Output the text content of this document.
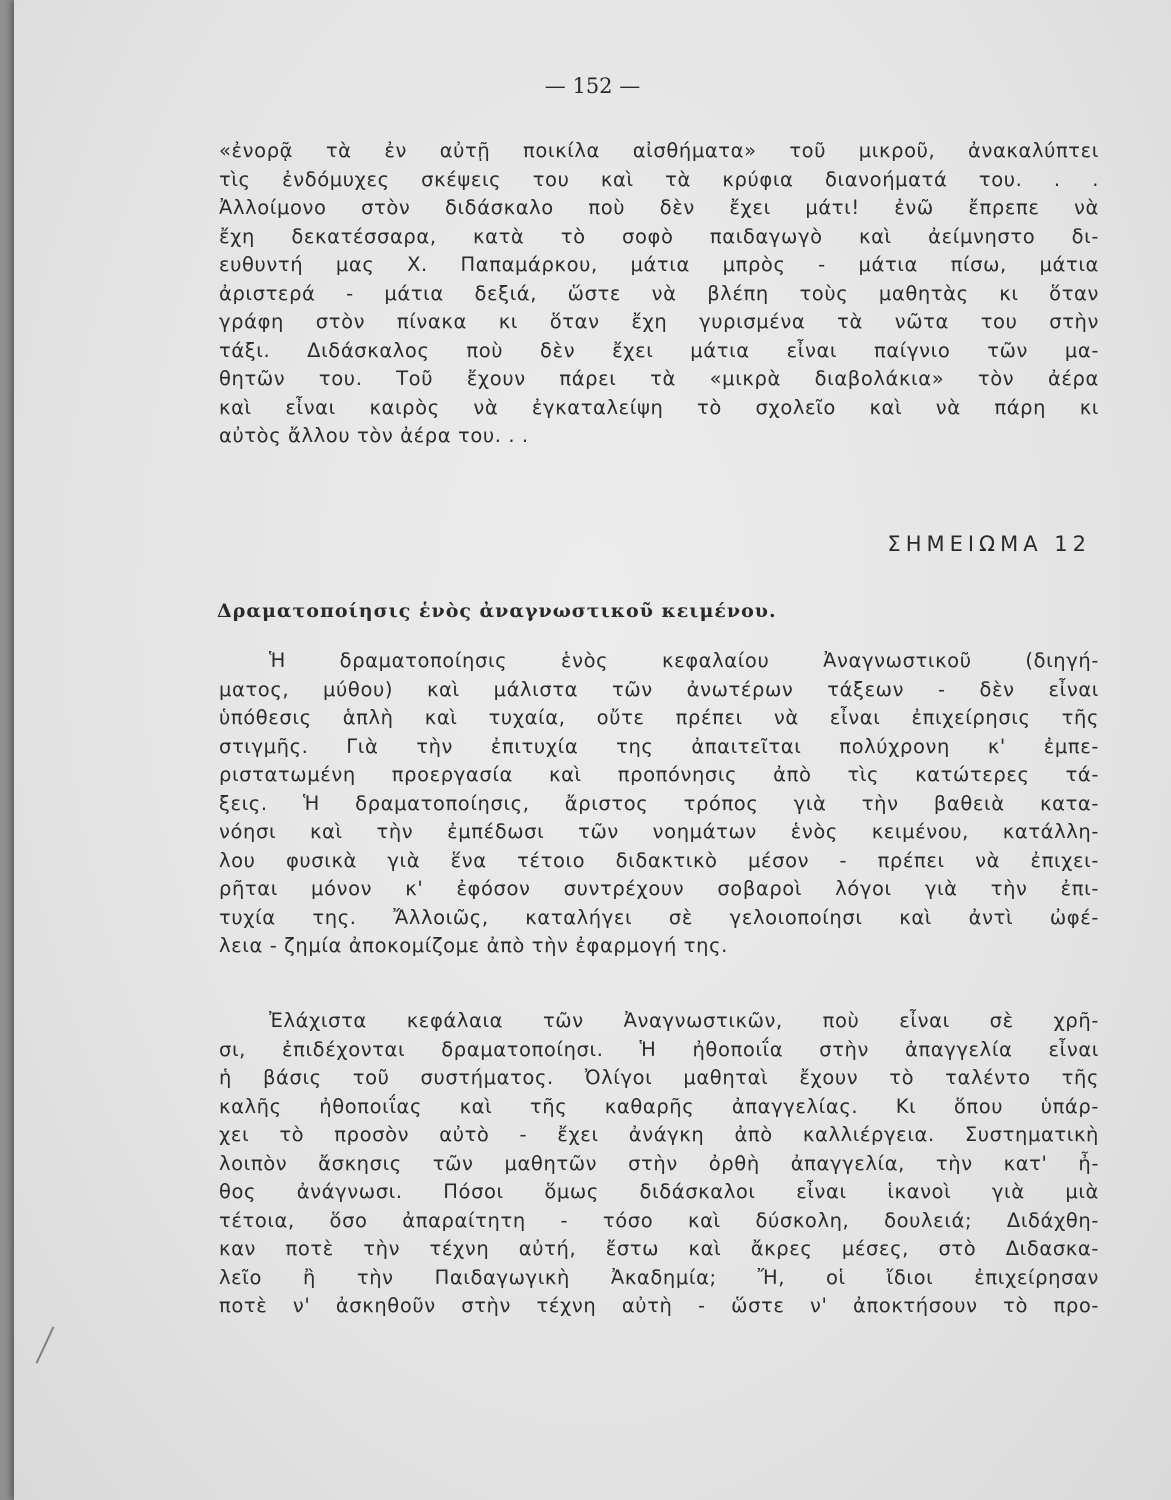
— 152 —
«ἐνορᾷ τὰ ἐν αὐτῇ ποικίλα αἰσθήματα» τοῦ μικροῦ, ἀνακαλύπτει
τὶς ἐνδόμυχες σκέψεις του καὶ τὰ κρύφια διανοήματά του. . .
Ἀλλοίμονο στὸν διδάσκαλο ποὺ δὲν ἔχει μάτι! ἐνῶ ἔπρεπε νὰ
ἔχη δεκατέσσαρα, κατὰ τὸ σοφὸ παιδαγωγὸ καὶ ἀείμνηστο δι-
ευθυντή μας Χ. Παπαμάρκου, μάτια μπρὸς - μάτια πίσω, μάτια
ἀριστερά - μάτια δεξιά, ὥστε νὰ βλέπη τοὺς μαθητὰς κι ὅταν
γράφη στὸν πίνακα κι ὅταν ἔχη γυρισμένα τὰ νῶτα του στὴν
τάξι. Διδάσκαλος ποὺ δὲν ἔχει μάτια εἶναι παίγνιο τῶν μα-
θητῶν του. Τοῦ ἔχουν πάρει τὰ «μικρὰ διαβολάκια» τὸν ἀέρα
καὶ εἶναι καιρὸς νὰ ἐγκαταλείψη τὸ σχολεῖο καὶ νὰ πάρη κι
αὐτὸς ἄλλου τὸν ἀέρα του. . .
ΣΗΜΕΙΩΜΑ 12
Δραματοποίησις ἑνὸς ἀναγνωστικοῦ κειμένου.
Ἡ δραματοποίησις ἑνὸς κεφαλαίου Ἀναγνωστικοῦ (διηγή-
ματος, μύθου) καὶ μάλιστα τῶν ἀνωτέρων τάξεων - δὲν εἶναι
ὑπόθεσις ἁπλὴ καὶ τυχαία, οὔτε πρέπει νὰ εἶναι ἐπιχείρησις τῆς
στιγμῆς. Γιὰ τὴν ἐπιτυχία της ἀπαιτεῖται πολύχρονη κ' ἐμπε-
ριστατωμένη προεργασία καὶ προπόνησις ἀπὸ τὶς κατώτερες τά-
ξεις. Ἡ δραματοποίησις, ἄριστος τρόπος γιὰ τὴν βαθειὰ κατα-
νόησι καὶ τὴν ἐμπέδωσι τῶν νοημάτων ἑνὸς κειμένου, κατάλλη-
λου φυσικὰ γιὰ ἕνα τέτοιο διδακτικὸ μέσον - πρέπει νὰ ἐπιχει-
ρῆται μόνον κ' ἐφόσον συντρέχουν σοβαροὶ λόγοι γιὰ τὴν ἐπι-
τυχία της. Ἄλλοιῶς, καταλήγει σὲ γελοιοποίησι καὶ ἀντὶ ὠφέ-
λεια - ζημία ἀποκομίζομε ἀπὸ τὴν ἐφαρμογή της.
Ἐλάχιστα κεφάλαια τῶν Ἀναγνωστικῶν, ποὺ εἶναι σὲ χρῆ-
σι, ἐπιδέχονται δραματοποίησι. Ἡ ἠθοποιΐα στὴν ἀπαγγελία εἶναι
ἡ βάσις τοῦ συστήματος. Ὀλίγοι μαθηταὶ ἔχουν τὸ ταλέντο τῆς
καλῆς ἠθοποιΐας καὶ τῆς καθαρῆς ἀπαγγελίας. Κι ὅπου ὑπάρ-
χει τὸ προσὸν αὐτὸ - ἔχει ἀνάγκη ἀπὸ καλλιέργεια. Συστηματικὴ
λοιπὸν ἄσκησις τῶν μαθητῶν στὴν ὀρθὴ ἀπαγγελία, τὴν κατ' ἦ-
θος ἀνάγνωσι. Πόσοι ὅμως διδάσκαλοι εἶναι ἱκανοὶ γιὰ μιὰ
τέτοια, ὅσο ἀπαραίτητη - τόσο καὶ δύσκολη, δουλειά; Διδάχθη-
καν ποτὲ τὴν τέχνη αὐτή, ἔστω καὶ ἄκρες μέσες, στὸ Διδασκα-
λεῖο ἢ τὴν Παιδαγωγικὴ Ἀκαδημία; Ἤ, οἱ ἴδιοι ἐπιχείρησαν
ποτὲ ν' ἀσκηθοῦν στὴν τέχνη αὐτὴ - ὥστε ν' ἀποκτήσουν τὸ προ-
